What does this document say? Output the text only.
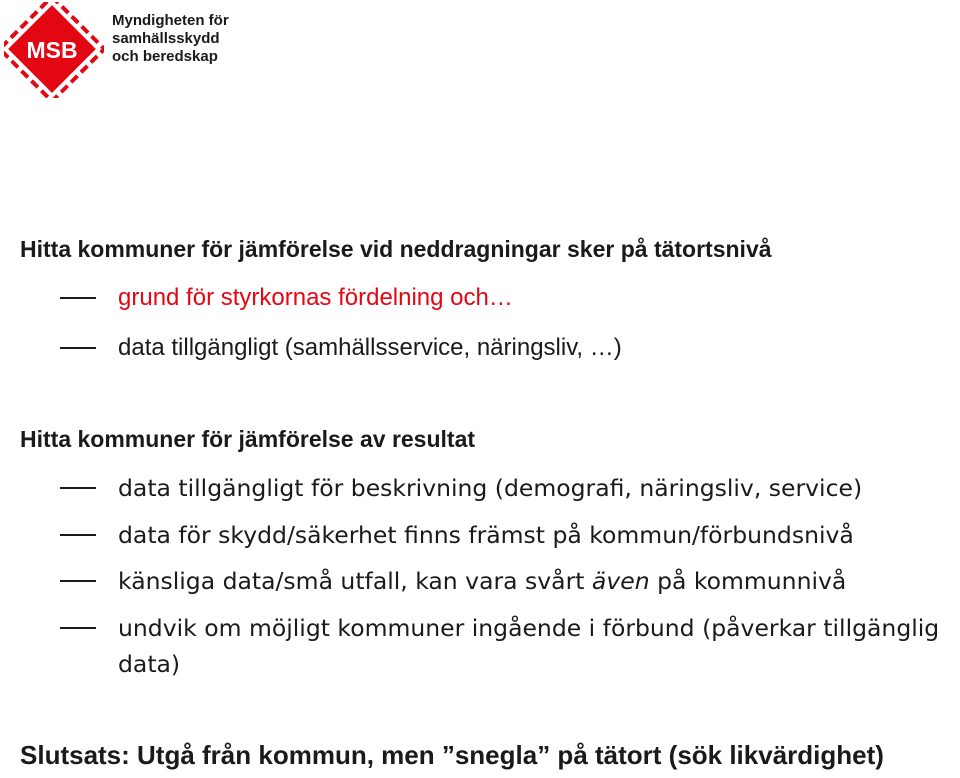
MSB
Myndigheten för
samhällsskydd
och beredskap
Hitta kommuner för jämförelse vid neddragningar sker på tätortsnivå
grund för styrkornas fördelning och…
data tillgängligt (samhällsservice, näringsliv, …)
Hitta kommuner för jämförelse av resultat
data tillgängligt för beskrivning (demografi, näringsliv, service)
data för skydd/säkerhet finns främst på kommun/förbundsnivå
känsliga data/små utfall, kan vara svårt även på kommunnivå
undvik om möjligt kommuner ingående i förbund (påverkar tillgänglig data)
Slutsats: Utgå från kommun, men ”snegla” på tätort (sök likvärdighet)
